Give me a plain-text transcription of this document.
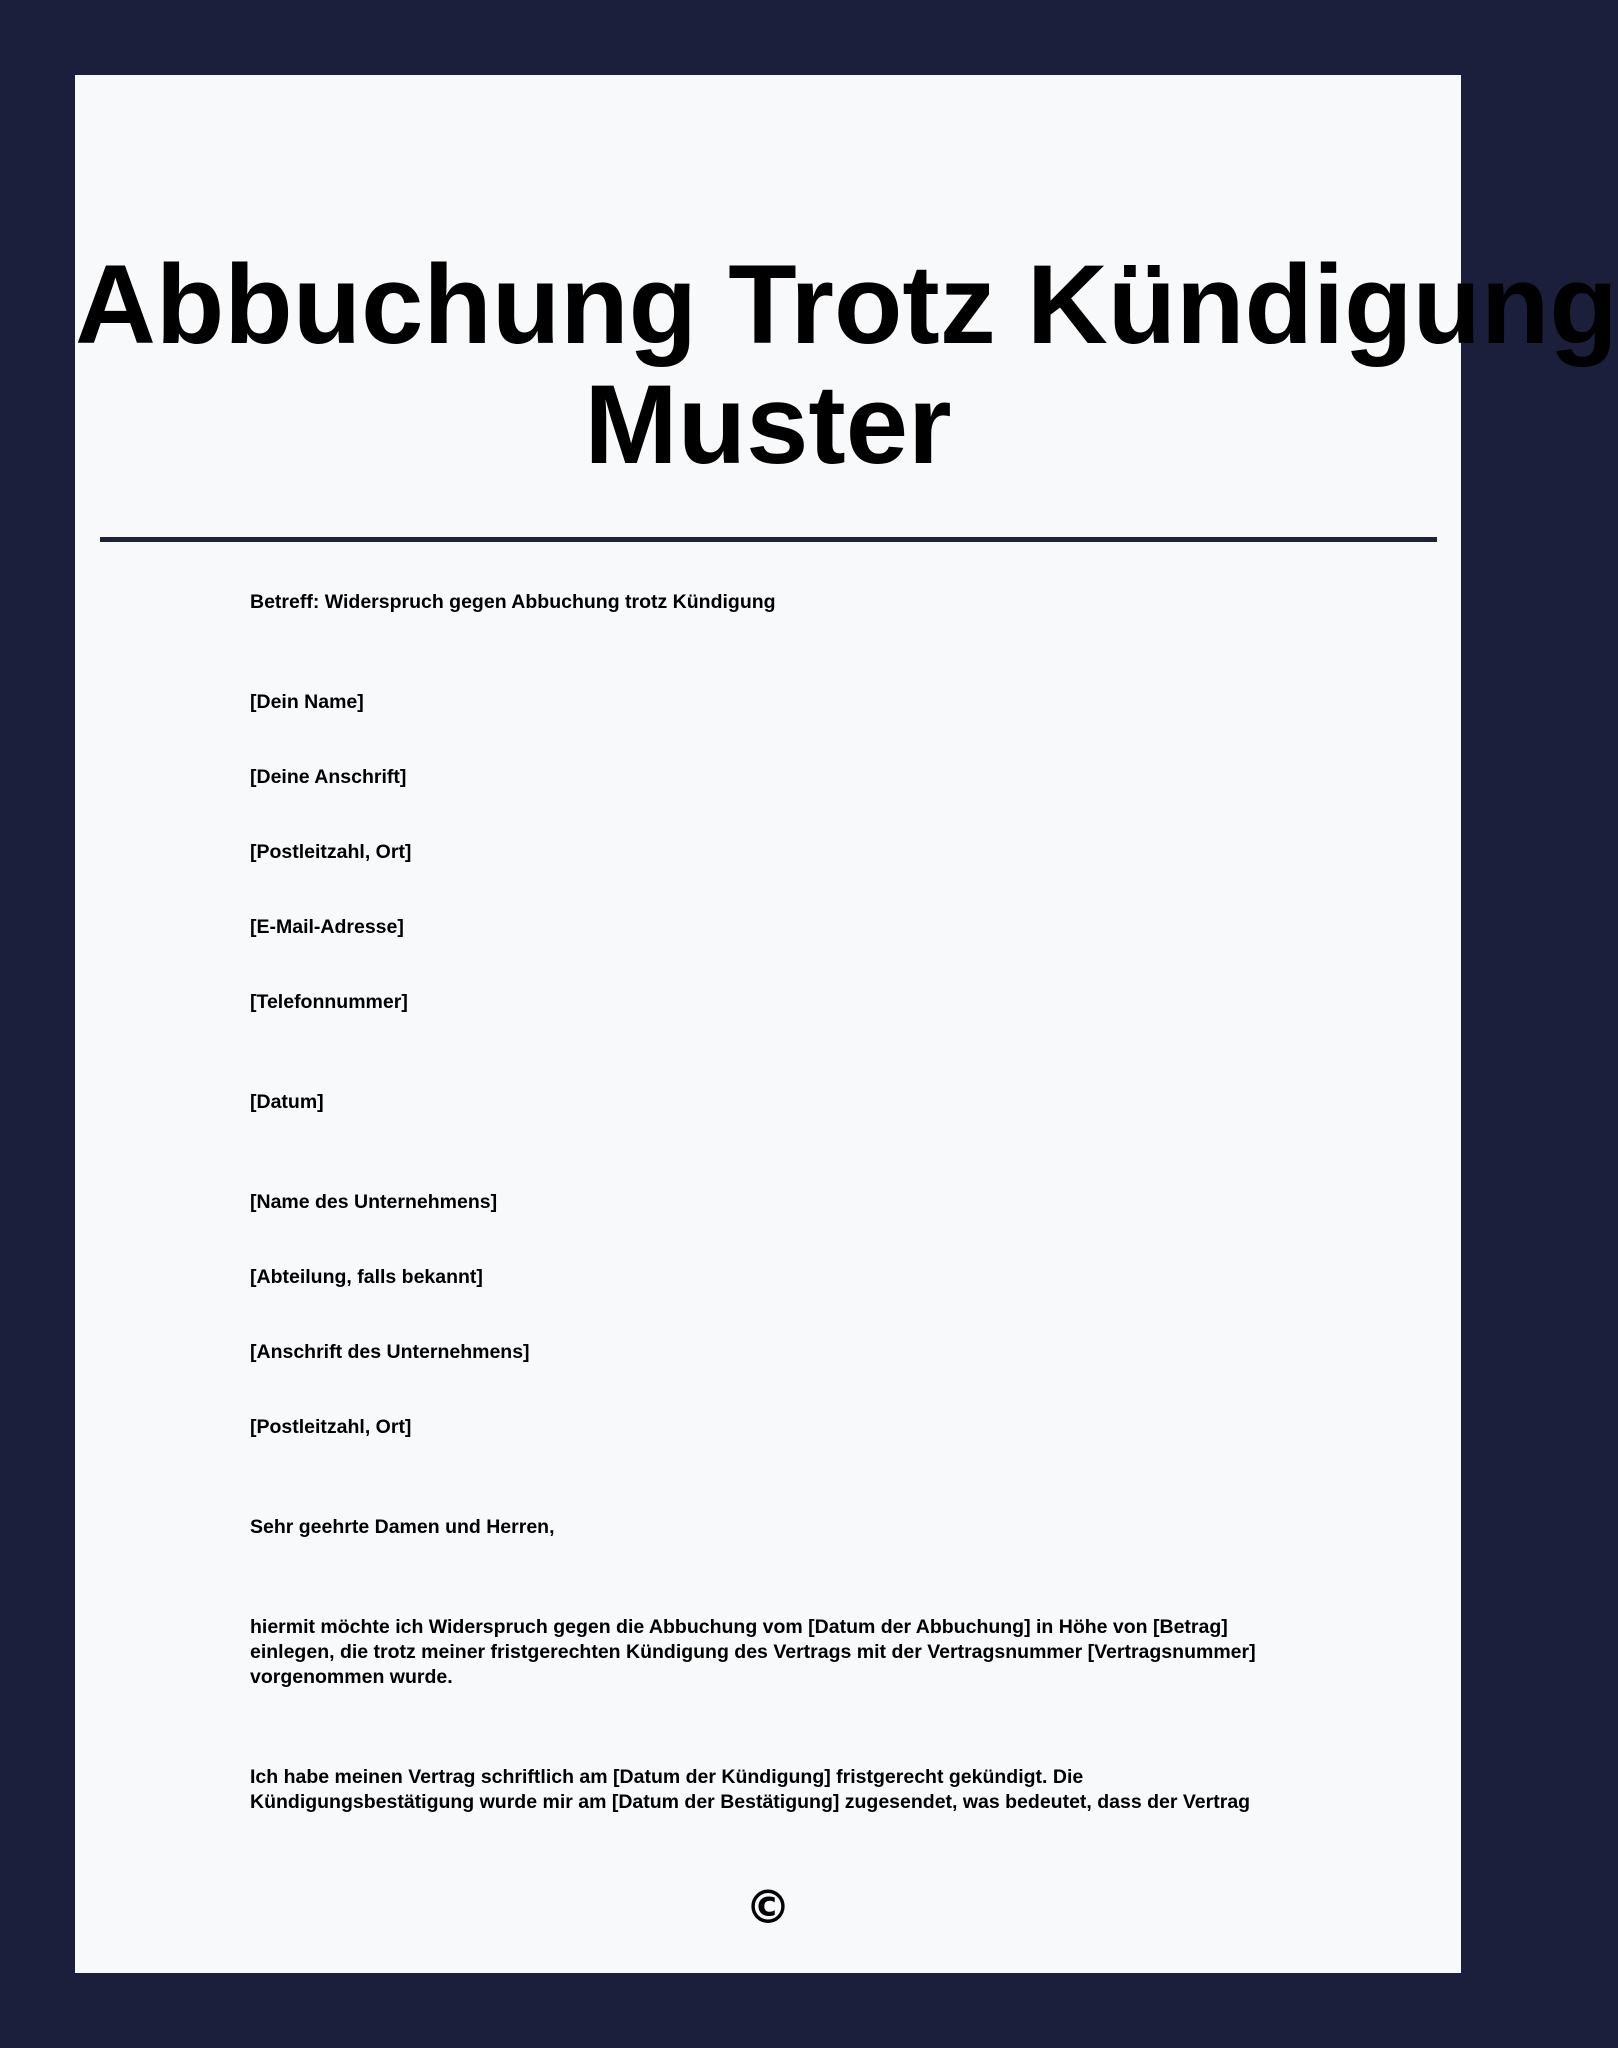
Abbuchung Trotz Kündigung
Muster

Betreff: Widerspruch gegen Abbuchung trotz Kündigung

[Dein Name]

[Deine Anschrift]

[Postleitzahl, Ort]

[E-Mail-Adresse]

[Telefonnummer]

[Datum]

[Name des Unternehmens]

[Abteilung, falls bekannt]

[Anschrift des Unternehmens]

[Postleitzahl, Ort]

Sehr geehrte Damen und Herren,

hiermit möchte ich Widerspruch gegen die Abbuchung vom [Datum der Abbuchung] in Höhe von [Betrag] einlegen, die trotz meiner fristgerechten Kündigung des Vertrags mit der Vertragsnummer [Vertragsnummer] vorgenommen wurde.

Ich habe meinen Vertrag schriftlich am [Datum der Kündigung] fristgerecht gekündigt. Die

Kündigungsbestätigung wurde mir am [Datum der Bestätigung] zugesendet, was bedeutet, dass der Vertrag

©
